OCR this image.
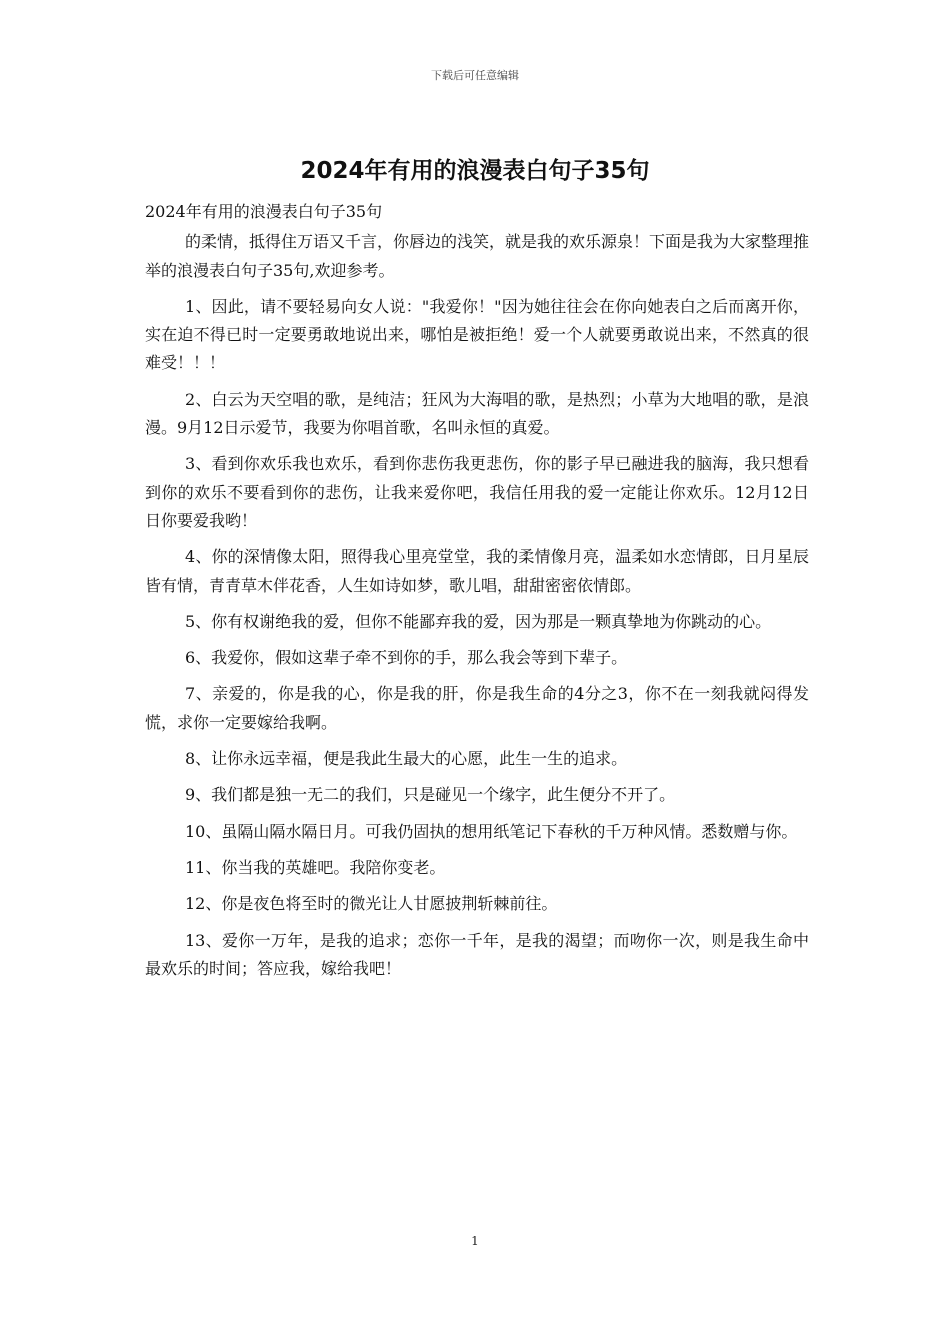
下载后可任意编辑
2024年有用的浪漫表白句子35句

2024年有用的浪漫表白句子35句

的柔情，抵得住万语又千言，你唇边的浅笑，就是我的欢乐源泉！下面是我为大家整理推举的浪漫表白句子35句,欢迎参考。

1、因此，请不要轻易向女人说："我爱你！"因为她往往会在你向她表白之后而离开你，实在迫不得已时一定要勇敢地说出来，哪怕是被拒绝！爱一个人就要勇敢说出来，不然真的很难受！！！

2、白云为天空唱的歌，是纯洁；狂风为大海唱的歌，是热烈；小草为大地唱的歌，是浪漫。9月12日示爱节，我要为你唱首歌，名叫永恒的真爱。

3、看到你欢乐我也欢乐，看到你悲伤我更悲伤，你的影子早已融进我的脑海，我只想看到你的欢乐不要看到你的悲伤，让我来爱你吧，我信任用我的爱一定能让你欢乐。12月12日日你要爱我哟！

4、你的深情像太阳，照得我心里亮堂堂，我的柔情像月亮，温柔如水恋情郎，日月星辰皆有情，青青草木伴花香，人生如诗如梦，歌儿唱，甜甜密密依情郎。

5、你有权谢绝我的爱，但你不能鄙弃我的爱，因为那是一颗真挚地为你跳动的心。

6、我爱你，假如这辈子牵不到你的手，那么我会等到下辈子。

7、亲爱的，你是我的心，你是我的肝，你是我生命的4分之3，你不在一刻我就闷得发慌，求你一定要嫁给我啊。

8、让你永远幸福，便是我此生最大的心愿，此生一生的追求。

9、我们都是独一无二的我们，只是碰见一个缘字，此生便分不开了。

10、虽隔山隔水隔日月。可我仍固执的想用纸笔记下春秋的千万种风情。悉数赠与你。

11、你当我的英雄吧。我陪你变老。

12、你是夜色将至时的微光让人甘愿披荆斩棘前往。

13、爱你一万年，是我的追求；恋你一千年，是我的渴望；而吻你一次，则是我生命中最欢乐的时间；答应我，嫁给我吧！

1
